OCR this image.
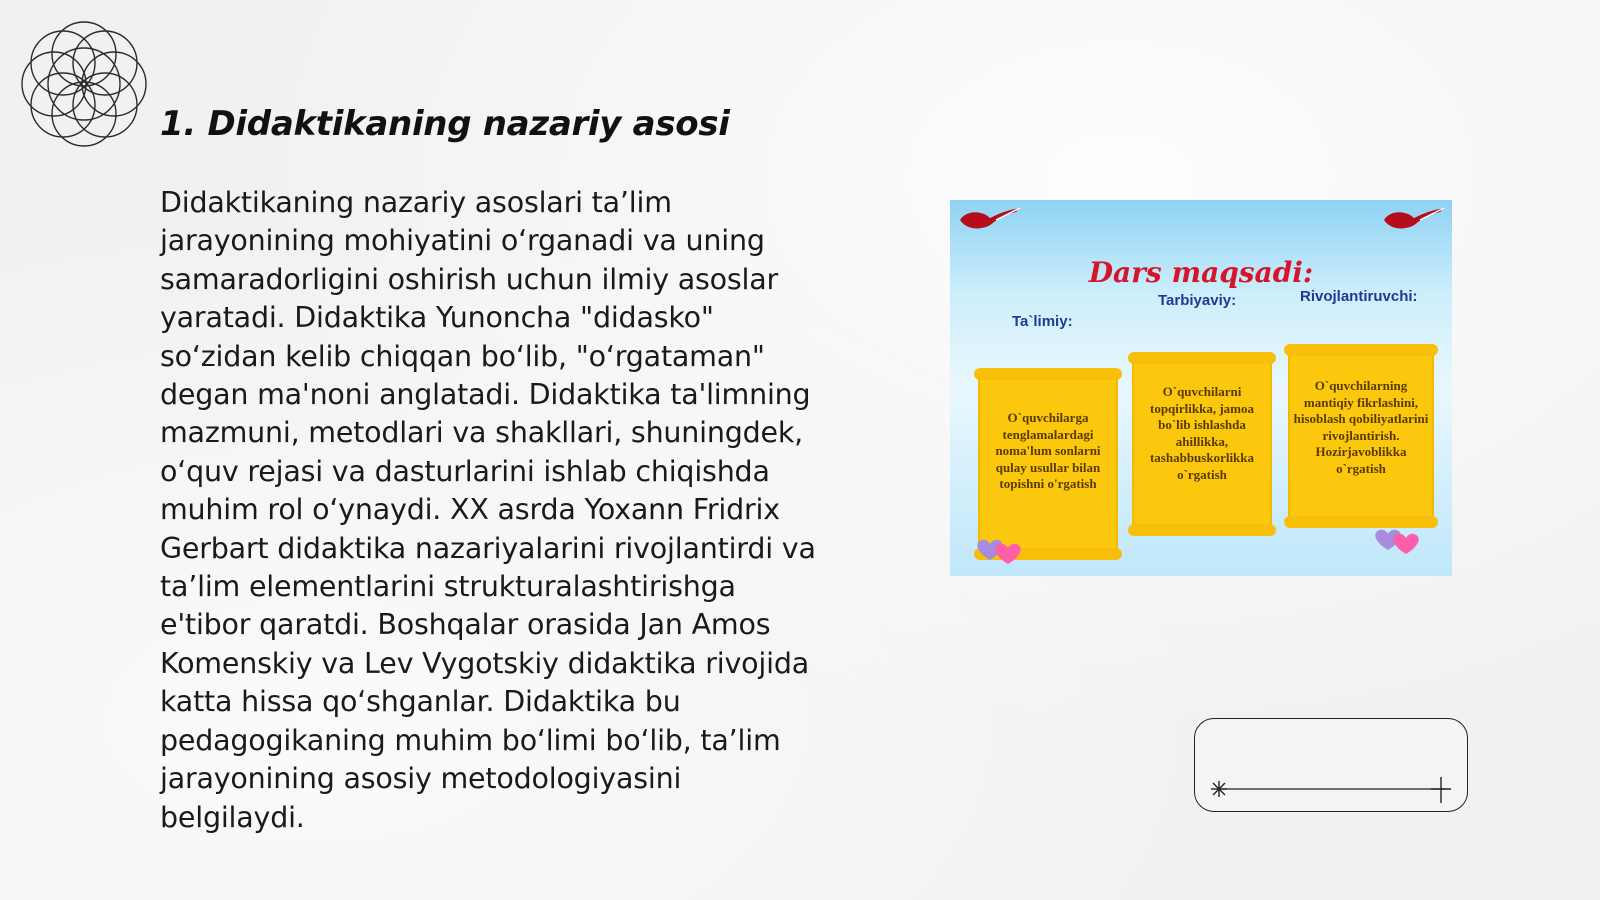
1. Didaktikaning nazariy asosi

Didaktikaning nazariy asoslari ta’lim jarayonining mohiyatini o‘rganadi va uning samaradorligini oshirish uchun ilmiy asoslar yaratadi. Didaktika Yunoncha "didasko" so‘zidan kelib chiqqan bo‘lib, "o‘rgataman" degan ma'noni anglatadi. Didaktika ta'limning mazmuni, metodlari va shakllari, shuningdek, o‘quv rejasi va dasturlarini ishlab chiqishda muhim rol o‘ynaydi. XX asrda Yoxann Fridrix Gerbart didaktika nazariyalarini rivojlantirdi va ta’lim elementlarini strukturalashtirishga e'tibor qaratdi. Boshqalar orasida Jan Amos Komenskiy va Lev Vygotskiy didaktika rivojida katta hissa qo‘shganlar. Didaktika bu pedagogikaning muhim bo‘limi bo‘lib, ta’lim jarayonining asosiy metodologiyasini belgilaydi.

Dars maqsadi:
Ta`limiy:
Tarbiyaviy:	Rivojlantiruvchi:
O`quvchilarga tenglamalardagi noma'lum sonlarni qulay usullar bilan topishni o'rgatish
O`quvchilarni topqirlikka, jamoa bo`lib ishlashda ahillikka, tashabbuskorlikka o`rgatish
O`quvchilarning mantiqiy fikrlashini, hisoblash qobiliyatlarini rivojlantirish. Hozirjavoblikka o`rgatish
